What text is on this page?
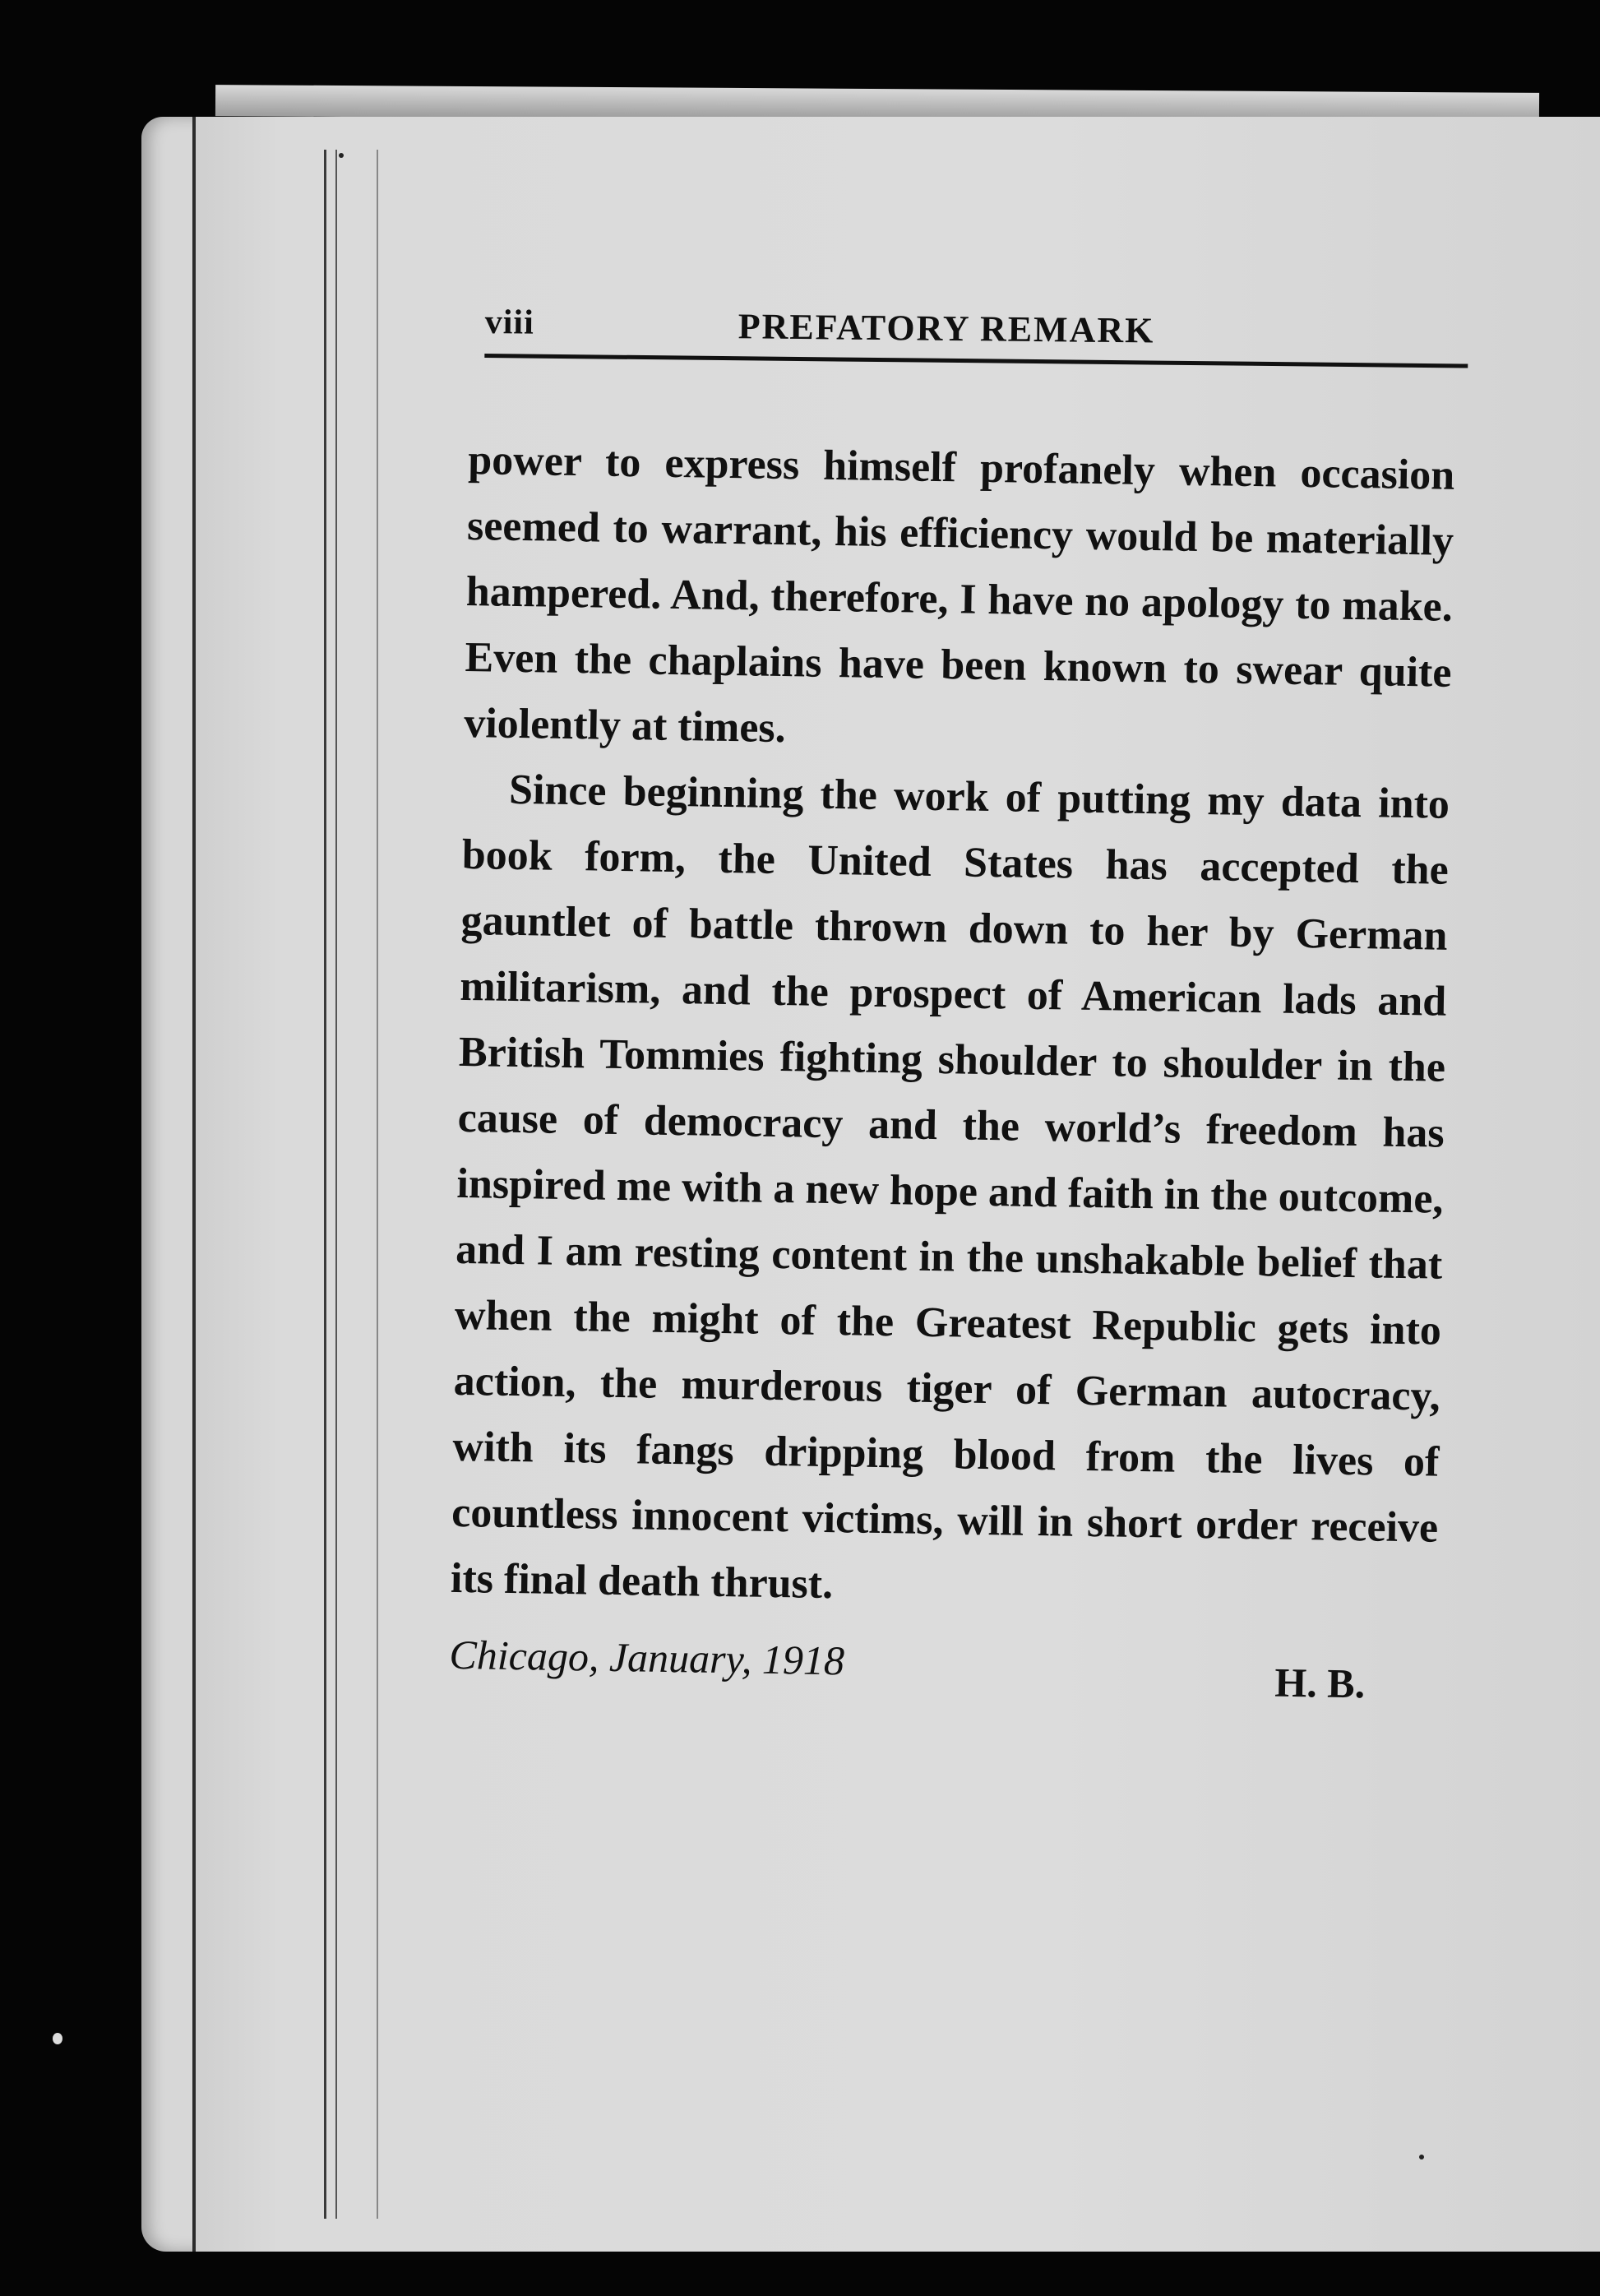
viii	PREFATORY REMARK

power to express himself profanely when occasion seemed to warrant, his efficiency would be materially hampered. And, therefore, I have no apology to make. Even the chaplains have been known to swear quite violently at times.

Since beginning the work of putting my data into book form, the United States has accepted the gauntlet of battle thrown down to her by German militarism, and the prospect of American lads and British Tommies fighting shoulder to shoulder in the cause of democracy and the world’s freedom has inspired me with a new hope and faith in the outcome, and I am resting content in the unshakable belief that when the might of the Greatest Republic gets into action, the murderous tiger of German autocracy, with its fangs dripping blood from the lives of countless innocent victims, will in short order receive its final death thrust.

Chicago, January, 1918	H. B.
